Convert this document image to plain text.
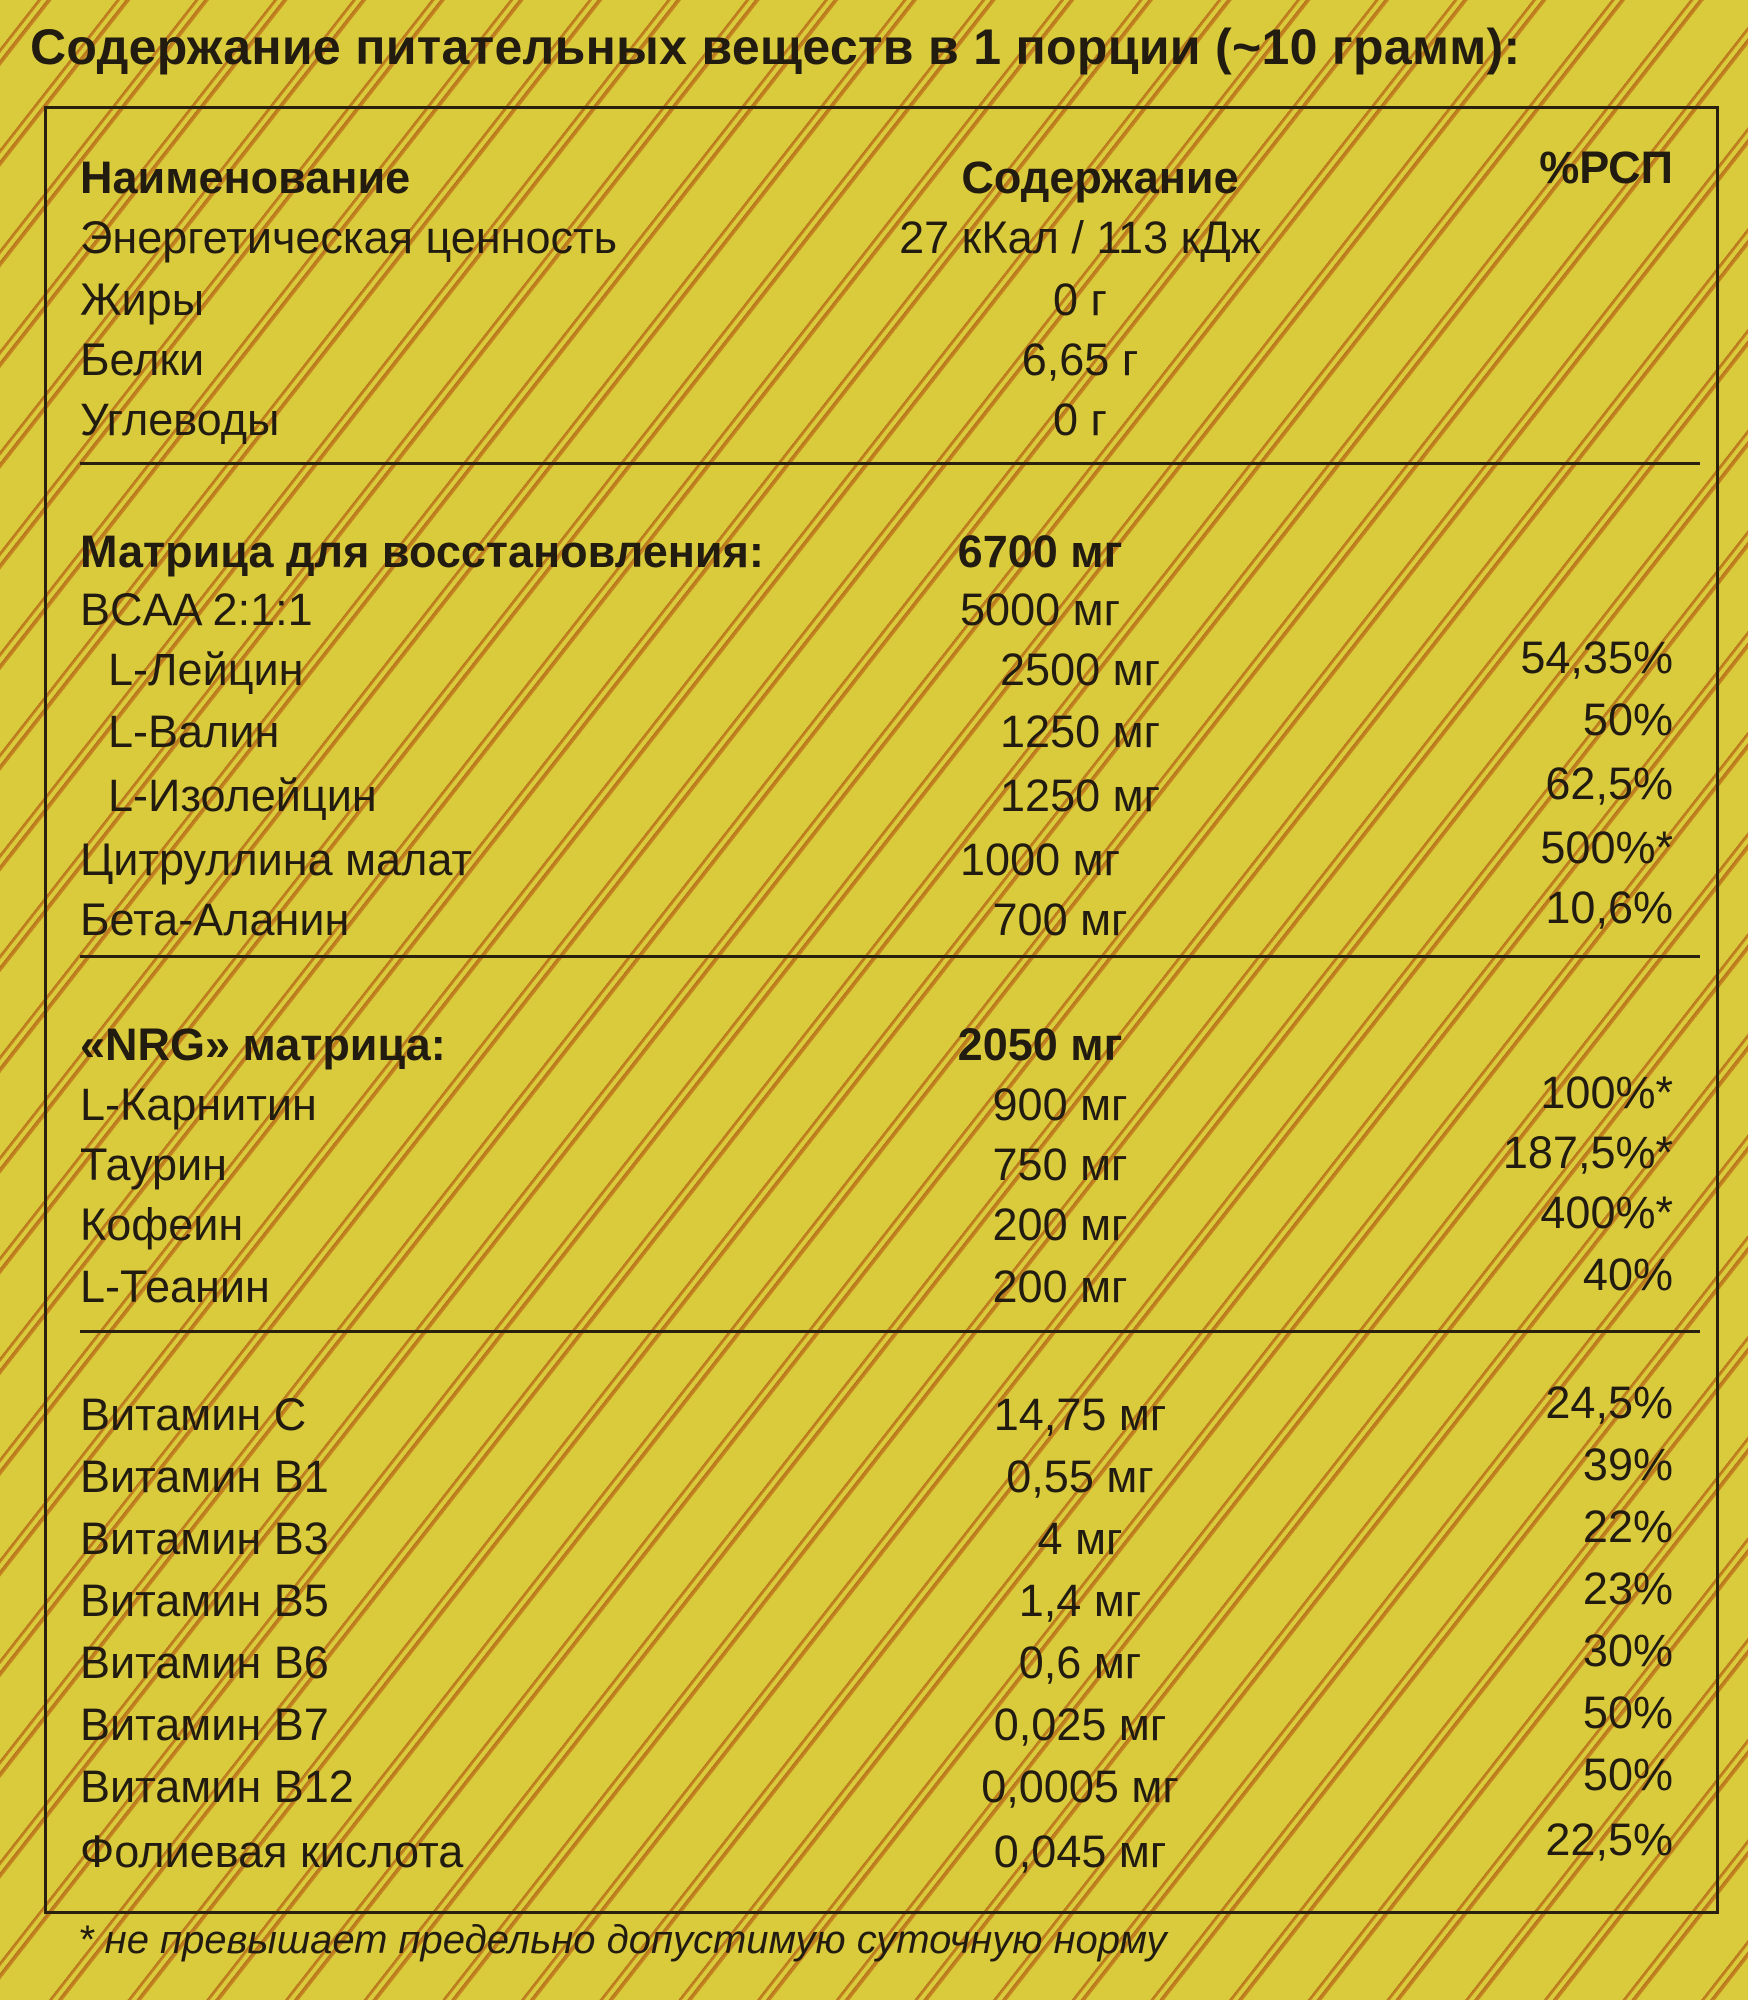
Содержание питательных веществ в 1 порции (~10 грамм):
Наименование	Содержание	%РСП
Энергетическая ценность	27 кКал / 113 кДж
Жиры	0 г
Белки	6,65 г
Углеводы	0 г
Матрица для восстановления:	6700 мг
BCAA 2:1:1	5000 мг
L-Лейцин	2500 мг	54,35%
L-Валин	1250 мг	50%
L-Изолейцин	1250 мг	62,5%
Цитруллина малат	1000 мг	500%*
Бета-Аланин	700 мг	10,6%
«NRG» матрица:	2050 мг
L-Карнитин	900 мг	100%*
Таурин	750 мг	187,5%*
Кофеин	200 мг	400%*
L-Теанин	200 мг	40%
Витамин С	14,75 мг	24,5%
Витамин В1	0,55 мг	39%
Витамин В3	4 мг	22%
Витамин В5	1,4 мг	23%
Витамин В6	0,6 мг	30%
Витамин В7	0,025 мг	50%
Витамин В12	0,0005 мг	50%
Фолиевая кислота	0,045 мг	22,5%
* не превышает предельно допустимую суточную норму
